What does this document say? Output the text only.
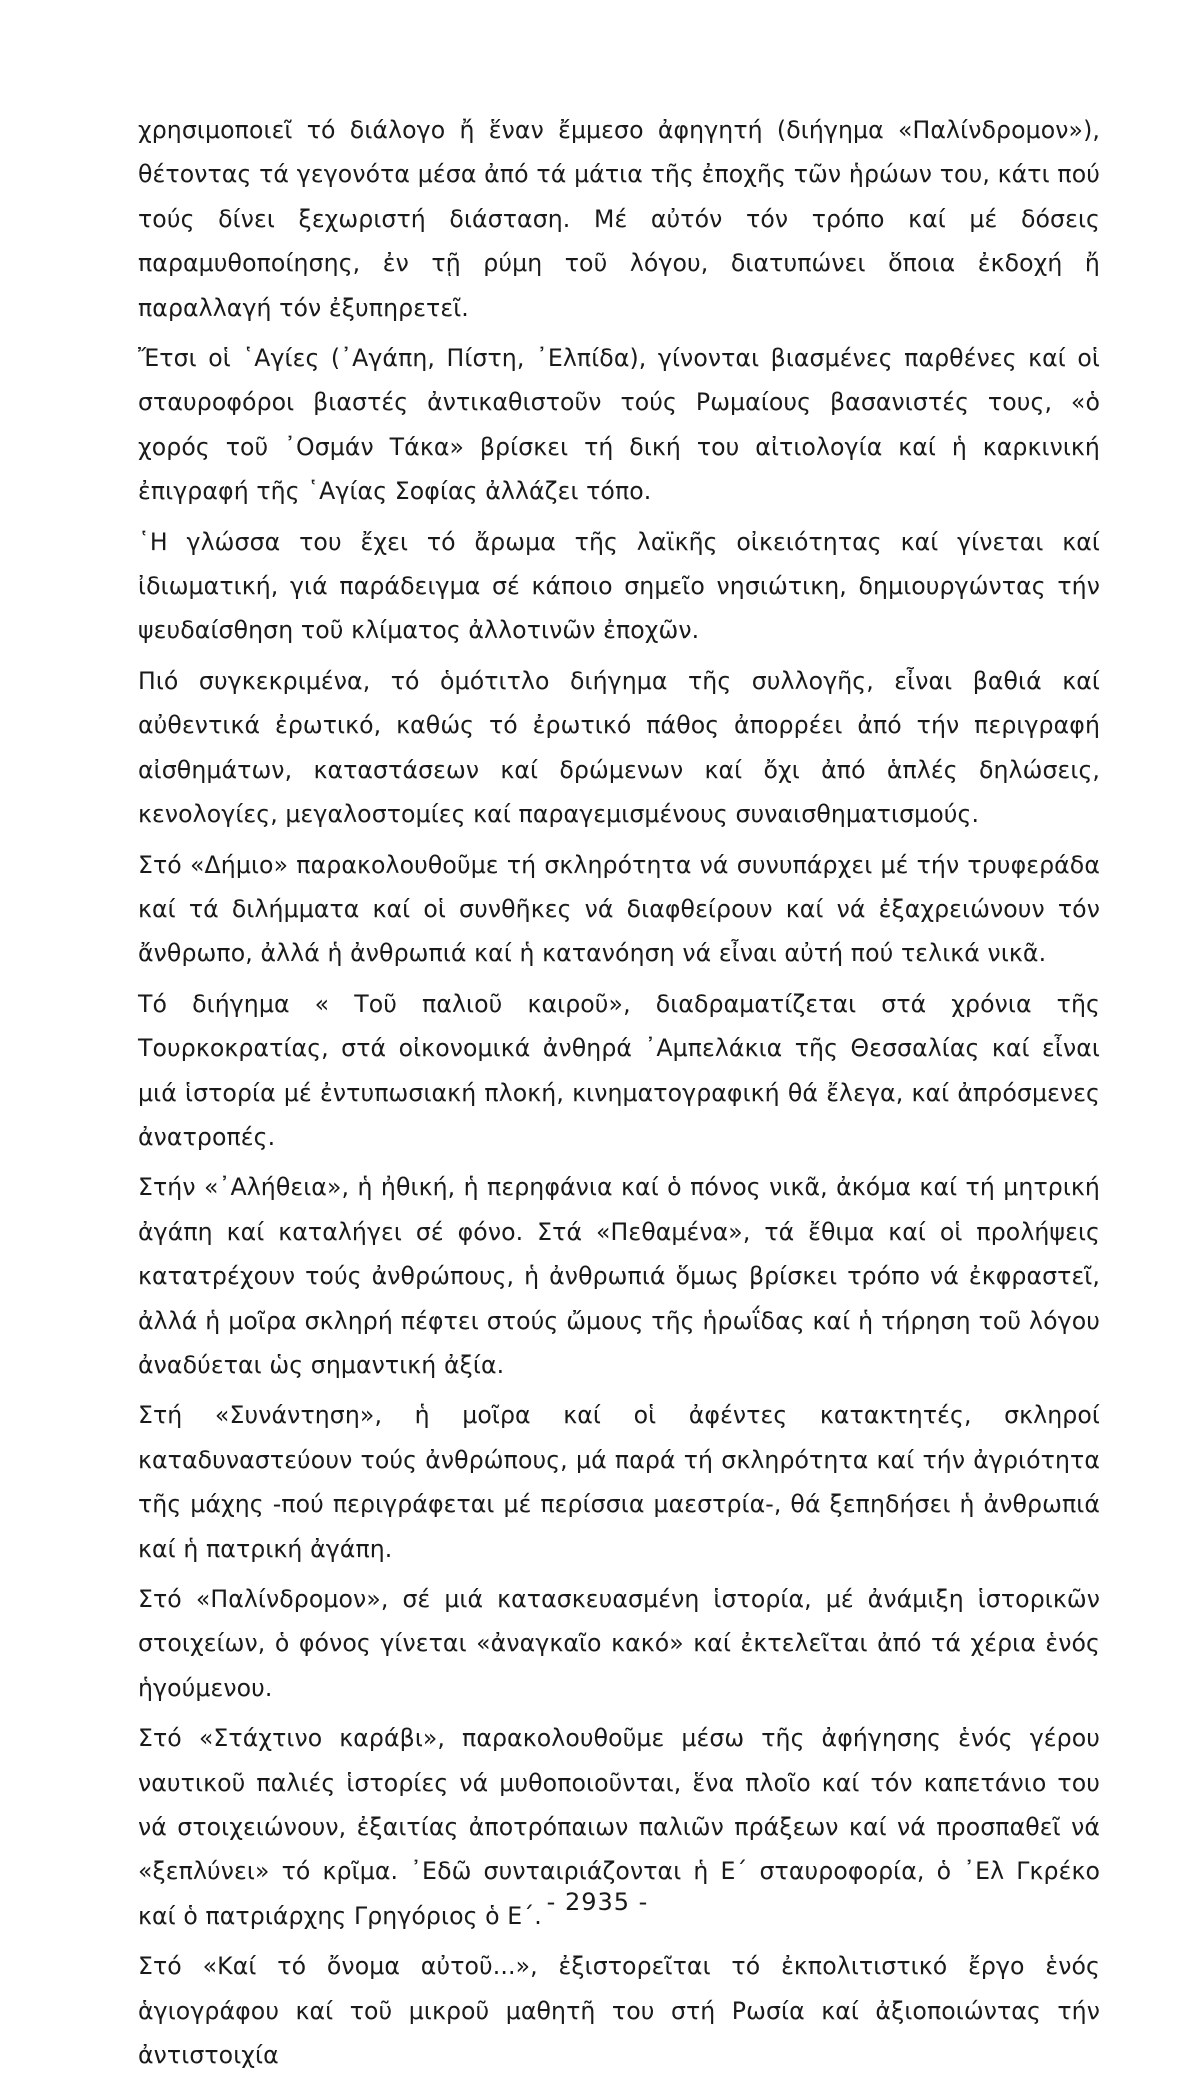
χρησιμοποιεῖ τό διάλογο ἤ ἕναν ἔμμεσο ἀφηγητή (διήγημα «Παλίνδρομον»), θέτοντας τά γεγονότα μέσα ἀπό τά μάτια τῆς ἐποχῆς τῶν ἡρώων του, κάτι πού τούς δίνει ξεχωριστή διάσταση. Μέ αὐτόν τόν τρόπο καί μέ δόσεις παραμυθοποίησης, ἐν τῇ ρύμη τοῦ λόγου, διατυπώνει ὅποια ἐκδοχή ἤ παραλλαγή τόν ἐξυπηρετεῖ.

Ἔτσι οἱ ῾Αγίες (᾿Αγάπη, Πίστη, ᾿Ελπίδα), γίνονται βιασμένες παρθένες καί οἱ σταυροφόροι βιαστές ἀντικαθιστοῦν τούς Ρωμαίους βασανιστές τους, «ὁ χορός τοῦ ᾿Οσμάν Τάκα» βρίσκει τή δική του αἰτιολογία καί ἡ καρκινική ἐπιγραφή τῆς ῾Αγίας Σοφίας ἀλλάζει τόπο.

῾Η γλώσσα του ἔχει τό ἄρωμα τῆς λαϊκῆς οἰκειότητας καί γίνεται καί ἰδιωματική, γιά παράδειγμα σέ κάποιο σημεῖο νησιώτικη, δημιουργώντας τήν ψευδαίσθηση τοῦ κλίματος ἀλλοτινῶν ἐποχῶν.

Πιό συγκεκριμένα, τό ὁμότιτλο διήγημα τῆς συλλογῆς, εἶναι βαθιά καί αὐθεντικά ἐρωτικό, καθώς τό ἐρωτικό πάθος ἀπορρέει ἀπό τήν περιγραφή αἰσθημάτων, καταστάσεων καί δρώμενων καί ὄχι ἀπό ἁπλές δηλώσεις, κενολογίες, μεγαλοστομίες καί παραγεμισμένους συναισθηματισμούς.

Στό «Δήμιο» παρακολουθοῦμε τή σκληρότητα νά συνυπάρχει μέ τήν τρυφεράδα καί τά διλήμματα καί οἱ συνθῆκες νά διαφθείρουν καί νά ἐξαχρειώνουν τόν ἄνθρωπο, ἀλλά ἡ ἀνθρωπιά καί ἡ κατανόηση νά εἶναι αὐτή πού τελικά νικᾶ.

Τό διήγημα « Τοῦ παλιοῦ καιροῦ», διαδραματίζεται στά χρόνια τῆς Τουρκοκρατίας, στά οἰκονομικά ἀνθηρά ᾿Αμπελάκια τῆς Θεσσαλίας καί εἶναι μιά ἱστορία μέ ἐντυπωσιακή πλοκή, κινηματογραφική θά ἔλεγα, καί ἀπρόσμενες ἀνατροπές.

Στήν «᾿Αλήθεια», ἡ ἠθική, ἡ περηφάνια καί ὁ πόνος νικᾶ, ἀκόμα καί τή μητρική ἀγάπη καί καταλήγει σέ φόνο. Στά «Πεθαμένα», τά ἔθιμα καί οἱ προλήψεις κατατρέχουν τούς ἀνθρώπους, ἡ ἀνθρωπιά ὅμως βρίσκει τρόπο νά ἐκφραστεῖ, ἀλλά ἡ μοῖρα σκληρή πέφτει στούς ὤμους τῆς ἡρωΐδας καί ἡ τήρηση τοῦ λόγου ἀναδύεται ὡς σημαντική ἀξία.

Στή «Συνάντηση», ἡ μοῖρα καί οἱ ἀφέντες κατακτητές, σκληροί καταδυναστεύουν τούς ἀνθρώπους, μά παρά τή σκληρότητα καί τήν ἀγριότητα τῆς μάχης -πού περιγράφεται μέ περίσσια μαεστρία-, θά ξεπηδήσει ἡ ἀνθρωπιά καί ἡ πατρική ἀγάπη.

Στό «Παλίνδρομον», σέ μιά κατασκευασμένη ἱστορία, μέ ἀνάμιξη ἱστορικῶν στοιχείων, ὁ φόνος γίνεται «ἀναγκαῖο κακό» καί ἐκτελεῖται ἀπό τά χέρια ἑνός ἡγούμενου.

Στό «Στάχτινο καράβι», παρακολουθοῦμε μέσω τῆς ἀφήγησης ἑνός γέρου ναυτικοῦ παλιές ἱστορίες νά μυθοποιοῦνται, ἕνα πλοῖο καί τόν καπετάνιο του νά στοιχειώνουν, ἐξαιτίας ἀποτρόπαιων παλιῶν πράξεων καί νά προσπαθεῖ νά «ξεπλύνει» τό κρῖμα. ᾿Εδῶ συνταιριάζονται ἡ Ε΄ σταυροφορία, ὁ ᾿Ελ Γκρέκο καί ὁ πατριάρχης Γρηγόριος ὁ Ε΄.

Στό «Καί τό ὄνομα αὐτοῦ...», ἐξιστορεῖται τό ἐκπολιτιστικό ἔργο ἑνός ἁγιογράφου καί τοῦ μικροῦ μαθητῆ του στή Ρωσία καί ἀξιοποιώντας τήν ἀντιστοιχία

- 2935 -
